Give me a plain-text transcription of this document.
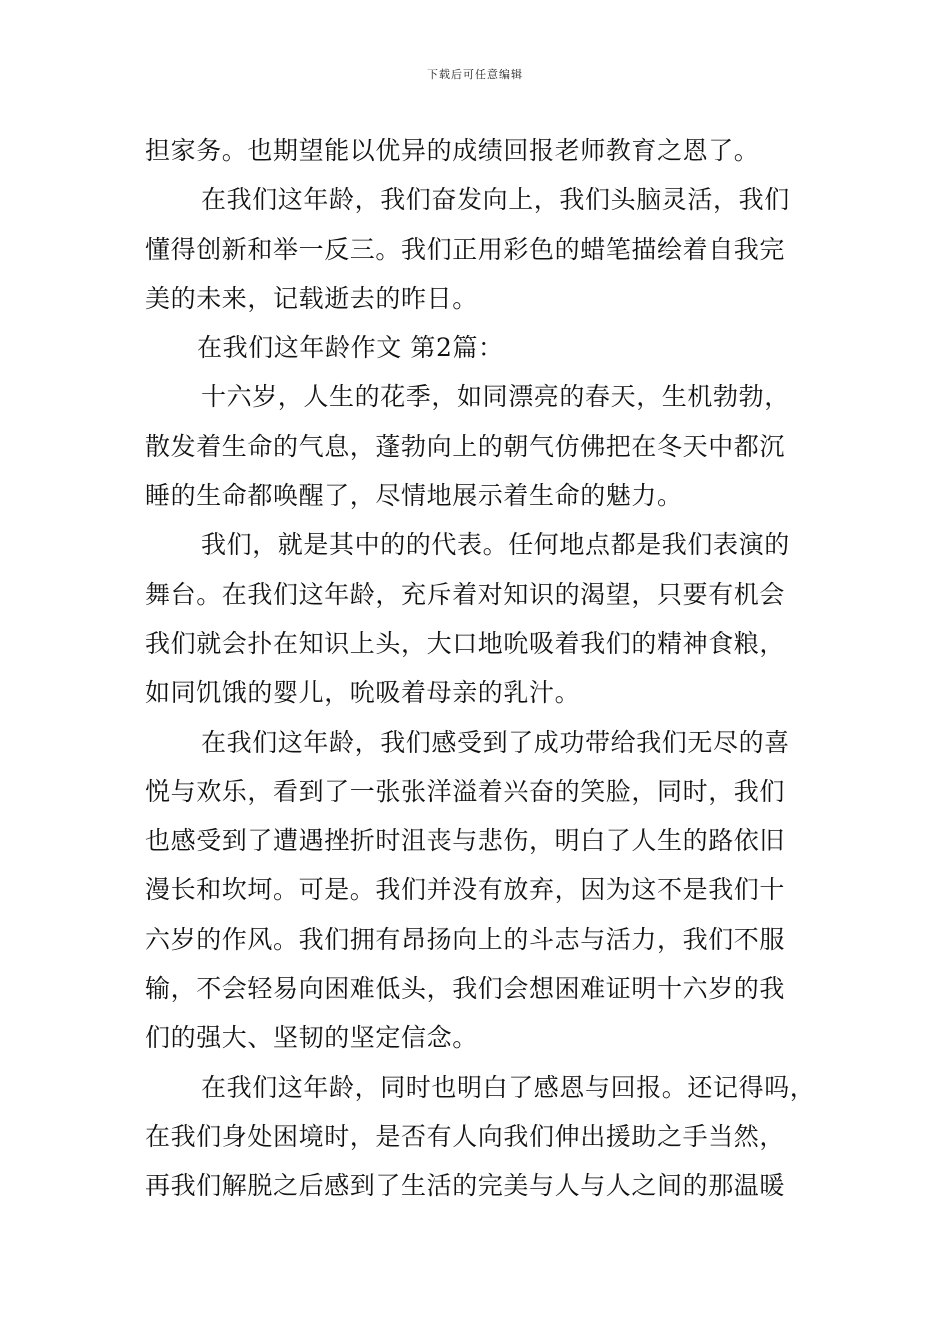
下载后可任意编辑
担家务。也期望能以优异的成绩回报老师教育之恩了。
在我们这年龄，我们奋发向上，我们头脑灵活，我们
懂得创新和举一反三。我们正用彩色的蜡笔描绘着自我完
美的未来，记载逝去的昨日。
在我们这年龄作文 第2篇：
十六岁，人生的花季，如同漂亮的春天，生机勃勃，
散发着生命的气息，蓬勃向上的朝气仿佛把在冬天中都沉
睡的生命都唤醒了，尽情地展示着生命的魅力。
我们，就是其中的的代表。任何地点都是我们表演的
舞台。在我们这年龄，充斥着对知识的渴望，只要有机会
我们就会扑在知识上头，大口地吮吸着我们的精神食粮，
如同饥饿的婴儿，吮吸着母亲的乳汁。
在我们这年龄，我们感受到了成功带给我们无尽的喜
悦与欢乐，看到了一张张洋溢着兴奋的笑脸，同时，我们
也感受到了遭遇挫折时沮丧与悲伤，明白了人生的路依旧
漫长和坎坷。可是。我们并没有放弃，因为这不是我们十
六岁的作风。我们拥有昂扬向上的斗志与活力，我们不服
输，不会轻易向困难低头，我们会想困难证明十六岁的我
们的强大、坚韧的坚定信念。
在我们这年龄，同时也明白了感恩与回报。还记得吗，
在我们身处困境时，是否有人向我们伸出援助之手当然，
再我们解脱之后感到了生活的完美与人与人之间的那温暖
